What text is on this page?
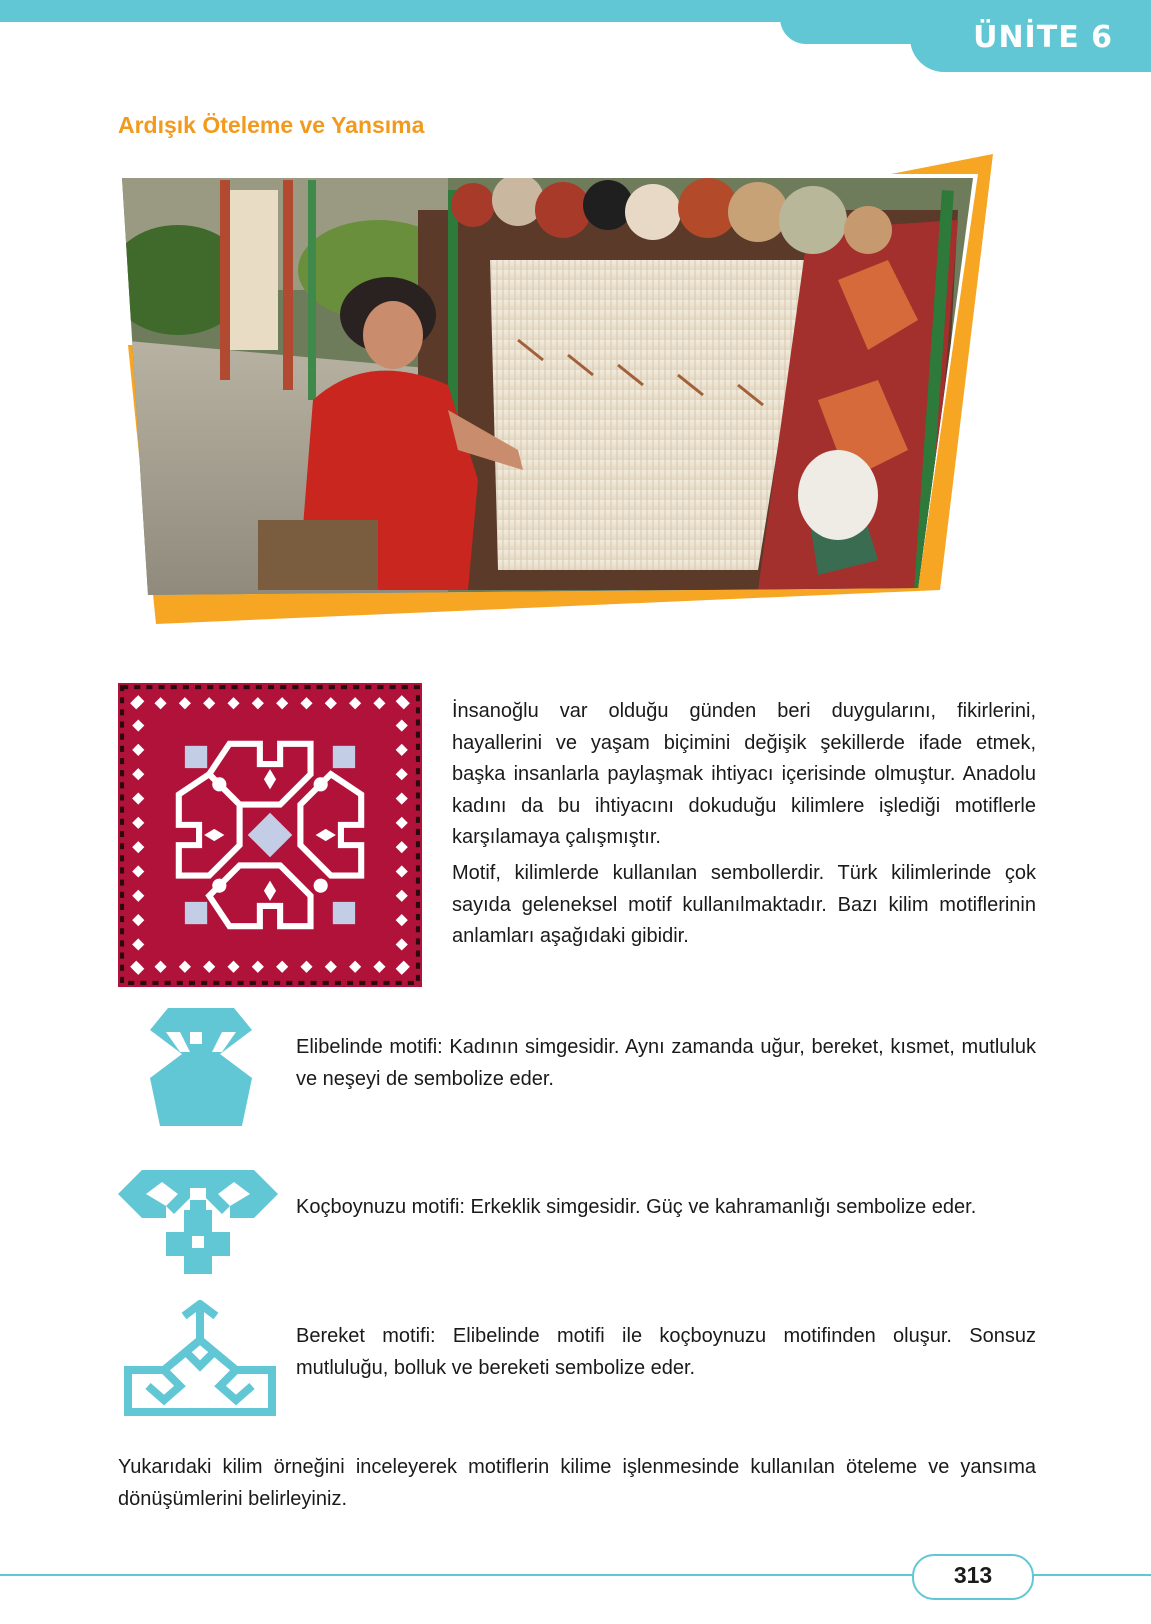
ÜNİTE 6
Ardışık Öteleme ve Yansıma

İnsanoğlu var olduğu günden beri duygularını, fikirlerini, hayallerini ve yaşam biçimini değişik şekillerde ifade etmek, başka insanlarla paylaşmak ihtiyacı içerisinde olmuştur. Anadolu kadını da bu ihtiyacını dokuduğu kilimlere işlediği motiflerle karşılamaya çalışmıştır.

Motif, kilimlerde kullanılan sembollerdir. Türk kilimlerinde çok sayıda geleneksel motif kullanılmaktadır. Bazı kilim motiflerinin anlamları aşağıdaki gibidir.

Elibelinde motifi: Kadının simgesidir. Aynı zamanda uğur, bereket, kısmet, mutluluk ve neşeyi de sembolize eder.
Koçboynuzu motifi: Erkeklik simgesidir. Güç ve kahramanlığı sembolize eder.
Bereket motifi: Elibelinde motifi ile koçboynuzu motifinden oluşur. Sonsuz mutluluğu, bolluk ve bereketi sembolize eder.

Yukarıdaki kilim örneğini inceleyerek motiflerin kilime işlenmesinde kullanılan öteleme ve yansıma dönüşümlerini belirleyiniz.

313
